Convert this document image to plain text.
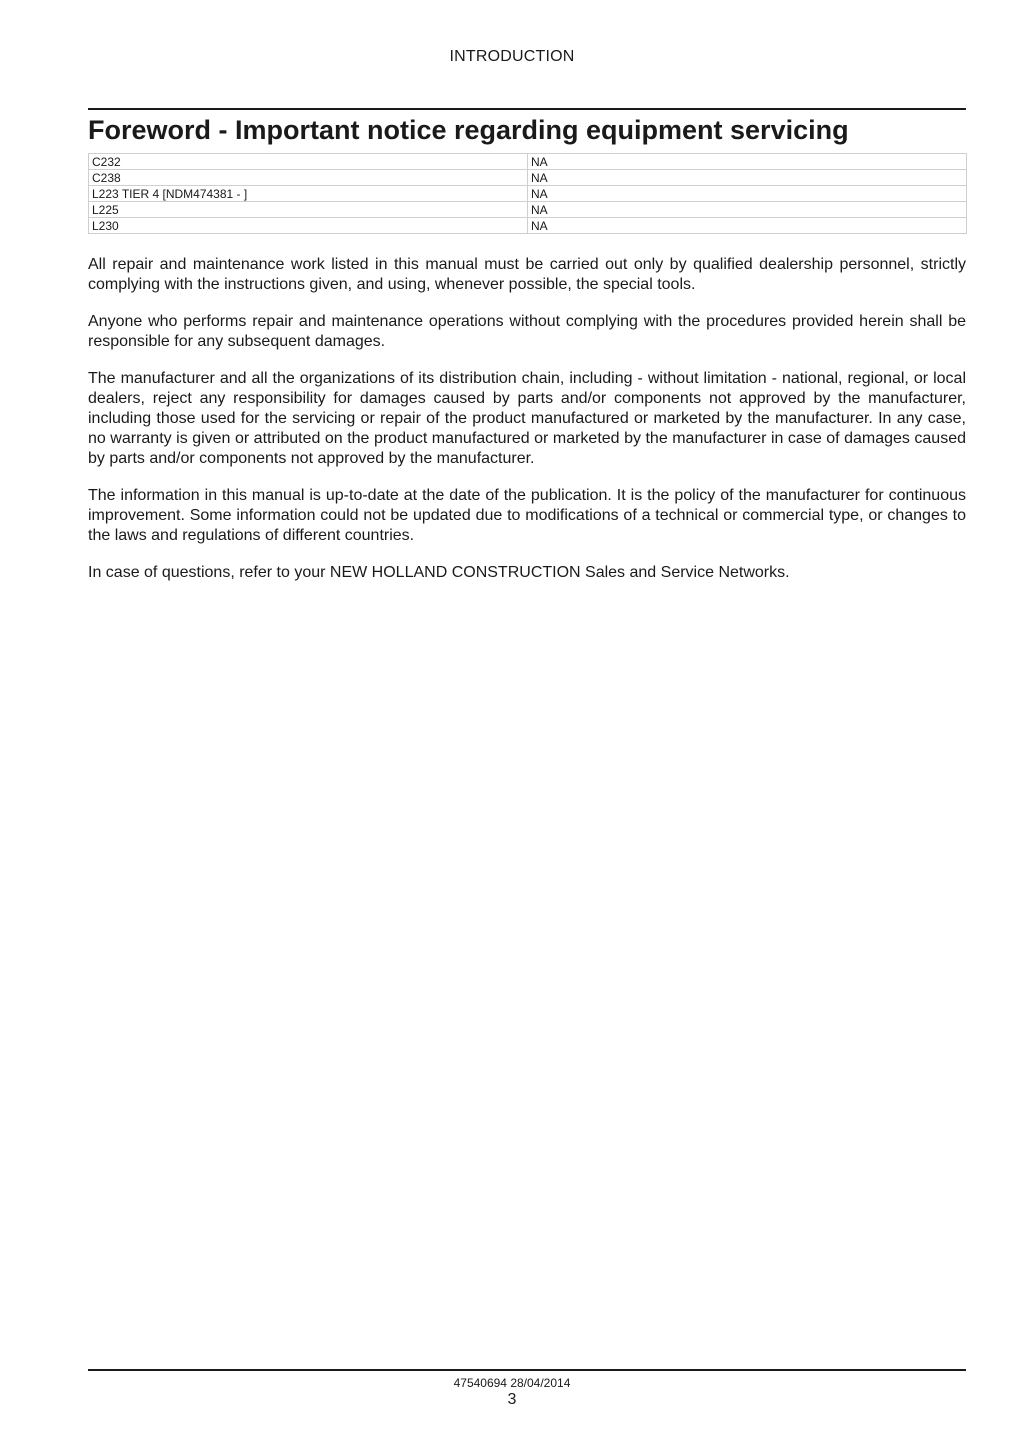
INTRODUCTION
Foreword - Important notice regarding equipment servicing
C232	NA
C238	NA
L223 TIER 4 [NDM474381 - ]	NA
L225	NA
L230	NA

All repair and maintenance work listed in this manual must be carried out only by qualified dealership personnel, strictly complying with the instructions given, and using, whenever possible, the special tools.

Anyone who performs repair and maintenance operations without complying with the procedures provided herein shall be responsible for any subsequent damages.

The manufacturer and all the organizations of its distribution chain, including - without limitation - national, regional, or local dealers, reject any responsibility for damages caused by parts and/or components not approved by the manufacturer, including those used for the servicing or repair of the product manufactured or marketed by the manufacturer. In any case, no warranty is given or attributed on the product manufactured or marketed by the manufacturer in case of damages caused by parts and/or components not approved by the manufacturer.

The information in this manual is up-to-date at the date of the publication. It is the policy of the manufacturer for continuous improvement. Some information could not be updated due to modifications of a technical or commercial type, or changes to the laws and regulations of different countries.

In case of questions, refer to your NEW HOLLAND CONSTRUCTION Sales and Service Networks.

47540694 28/04/2014
3
